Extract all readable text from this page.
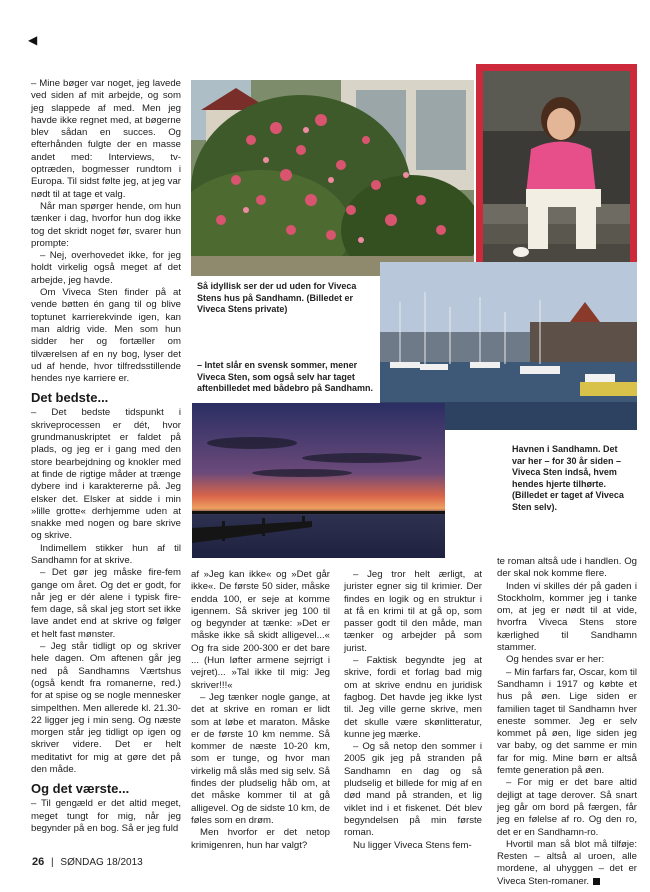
◀

– Mine bøger var noget, jeg lavede ved siden af mit arbejde, og som jeg slappede af med. Men jeg havde ikke regnet med, at bøgerne blev sådan en succes. Og efterhånden fulgte der en masse andet med: Interviews, tv-optræden, bogmesser rundtom i Europa. Til sidst følte jeg, at jeg var nødt til at tage et valg.

Når man spørger hende, om hun tænker i dag, hvorfor hun dog ikke tog det skridt noget før, svarer hun prompte:

– Nej, overhovedet ikke, for jeg holdt virkelig også meget af det arbejde, jeg havde.

Om Viveca Sten finder på at vende bøtten én gang til og blive toptunet karrierekvinde igen, kan man aldrig vide. Men som hun sidder her og fortæller om tilværelsen af en ny bog, lyser det ud af hende, hvor tilfredsstillende hendes nye karriere er.

Det bedste...

– Det bedste tidspunkt i skriveprocessen er dét, hvor grundmanuskriptet er faldet på plads, og jeg er i gang med den store bearbejdning og knokler med at finde de rigtige måder at trænge dybere ind i karaktererne på. Jeg elsker det. Elsker at sidde i min »lille grotte« derhjemme uden at snakke med nogen og bare skrive og skrive.

Indimellem stikker hun af til Sandhamn for at skrive.

– Det gør jeg måske fire-fem gange om året. Og det er godt, for når jeg er dér alene i typisk fire-fem dage, så skal jeg stort set ikke lave andet end at skrive og følger et helt fast mønster.

– Jeg står tidligt op og skriver hele dagen. Om aftenen går jeg ned på Sandhamns Værtshus (også kendt fra romanerne, red.) for at spise og se nogle mennesker simpelthen. Men allerede kl. 21.30-22 ligger jeg i min seng. Og næste morgen står jeg tidligt op igen og skriver videre. Det er helt meditativt for mig at gøre det på den måde.

Og det værste...

– Til gengæld er det altid meget, meget tungt for mig, når jeg begynder på en bog. Så er jeg fuld

Så idyllisk ser der ud uden for Viveca Stens hus på Sandhamn. (Billedet er Viveca Stens private)
– Intet slår en svensk sommer, mener Viveca Sten, som også selv har taget aftenbilledet med bådebro på Sandhamn.
Havnen i Sandhamn. Det var her – for 30 år siden – Viveca Sten indså, hvem hendes hjerte tilhørte. (Billedet er taget af Viveca Sten selv).

af »Jeg kan ikke« og »Det går ikke«. De første 50 sider, måske endda 100, er seje at komme igennem. Så skriver jeg 100 til og begynder at tænke: »Det er måske ikke så skidt alligevel...« Og fra side 200-300 er det bare ... (Hun løfter armene sejrrigt i vejret)... »Tal ikke til mig: Jeg skriver!!!«

– Jeg tænker nogle gange, at det at skrive en roman er lidt som at løbe et maraton. Måske er de første 10 km nemme. Så kommer de næste 10-20 km, som er tunge, og hvor man virkelig må slås med sig selv. Så findes der pludselig håb om, at det måske kommer til at gå alligevel. Og de sidste 10 km, de føles som en drøm.

Men hvorfor er det netop krimigenren, hun har valgt?

– Jeg tror helt ærligt, at jurister egner sig til krimier. Der findes en logik og en struktur i at få en krimi til at gå op, som passer godt til den måde, man tænker og arbejder på som jurist.

– Faktisk begyndte jeg at skrive, fordi et forlag bad mig om at skrive endnu en juridisk fagbog. Det havde jeg ikke lyst til. Jeg ville gerne skrive, men det skulle være skønlitteratur, kunne jeg mærke.

– Og så netop den sommer i 2005 gik jeg på stranden på Sandhamn en dag og så pludselig et billede for mig af en død mand på stranden, et lig viklet ind i et fiskenet. Dét blev begyndelsen på min første roman.

Nu ligger Viveca Stens fem-

te roman altså ude i handlen. Og der skal nok komme flere.

Inden vi skilles dér på gaden i Stockholm, kommer jeg i tanke om, at jeg er nødt til at vide, hvorfra Viveca Stens store kærlighed til Sandhamn stammer.

Og hendes svar er her:

– Min farfars far, Oscar, kom til Sandhamn i 1917 og købte et hus på øen. Lige siden er familien taget til Sandhamn hver eneste sommer. Jeg er selv kommet på øen, lige siden jeg var baby, og det samme er min far for mig. Mine børn er altså femte generation på øen.

– For mig er det bare altid dejligt at tage derover. Så snart jeg går om bord på færgen, får jeg en følelse af ro. Og den ro, det er en Sandhamn-ro.

Hvortil man så blot må tilføje: Resten – altså al uroen, alle mordene, al uhyggen – det er Viveca Sten-romaner.

26 | SØNDAG 18/2013
